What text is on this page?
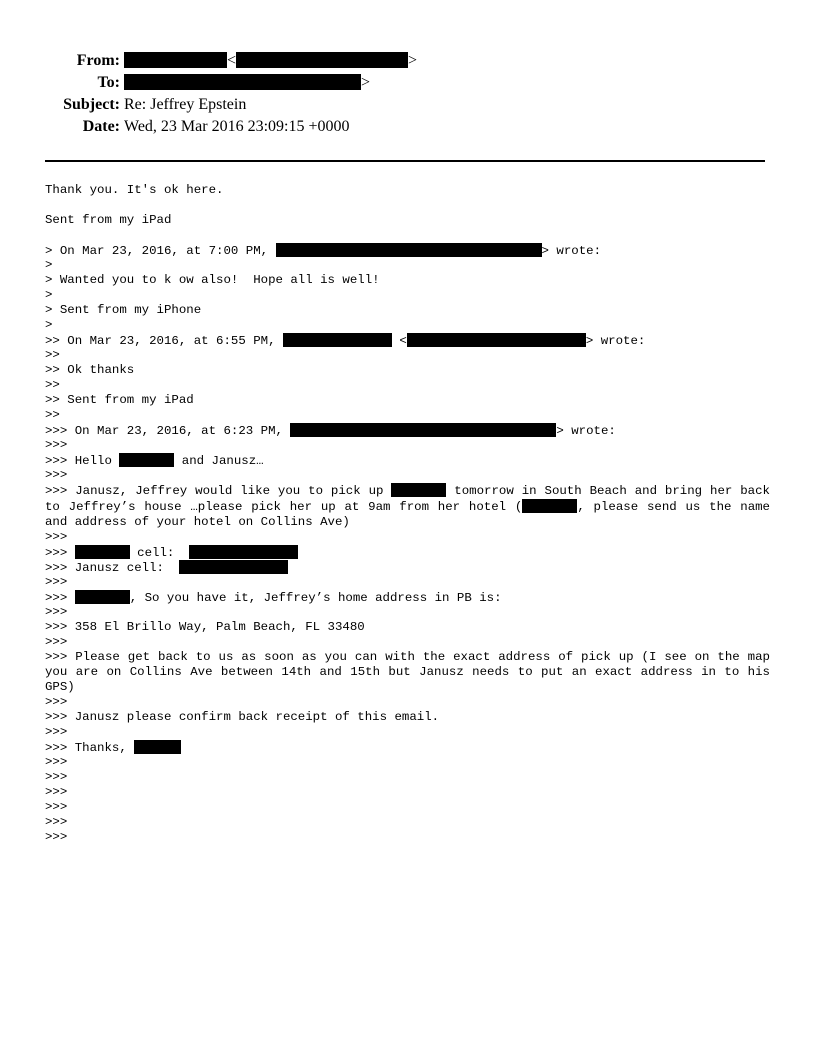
From:	<	>
To:	>
Subject: Re: Jeffrey Epstein
Date: Wed, 23 Mar 2016 23:09:15 +0000
Thank you. It's ok here.
Sent from my iPad
> On Mar 23, 2016, at 7:00 PM,	> wrote:
>
> Wanted you to k ow also!  Hope all is well!
>
> Sent from my iPhone
>
>> On Mar 23, 2016, at 6:55 PM,	<	> wrote:
>>
>> Ok thanks
>>
>> Sent from my iPad
>>
>>> On Mar 23, 2016, at 6:23 PM,	> wrote:
>>>
>>> Hello	and Janusz…
>>>
>>> Janusz, Jeffrey would like you to pick up	tomorrow in South Beach and bring her back to Jeffrey’s house …please pick her up at 9am from her hotel (	, please send us the name and address of your hotel on Collins Ave)
>>>
>>>	cell:
>>> Janusz cell:
>>>
>>>	, So you have it, Jeffrey’s home address in PB is:
>>>
>>> 358 El Brillo Way, Palm Beach, FL 33480
>>>
>>> Please get back to us as soon as you can with the exact address of pick up (I see on the map you are on Collins Ave between 14th and 15th but Janusz needs to put an exact address in to his GPS)
>>>
>>> Janusz please confirm back receipt of this email.
>>>
>>> Thanks,
>>>
>>>
>>>
>>>
>>>
>>>
